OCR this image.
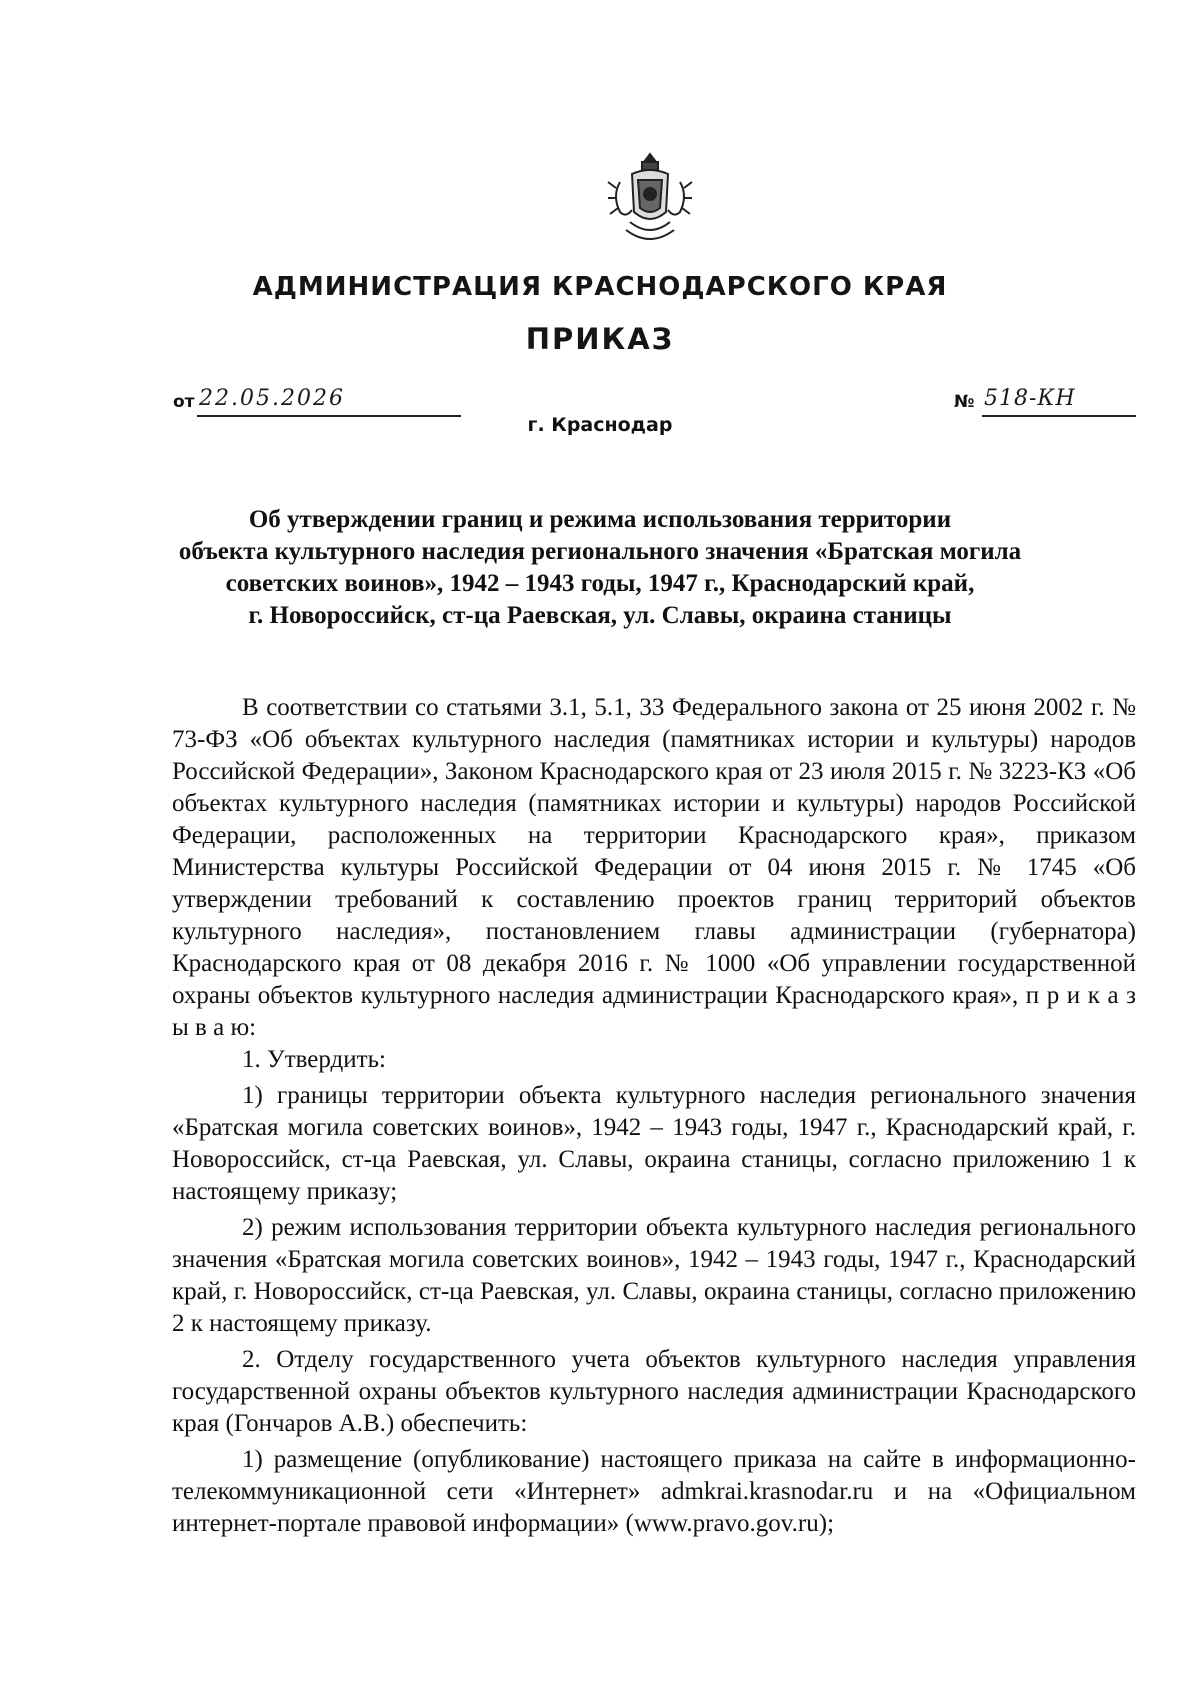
АДМИНИСТРАЦИЯ КРАСНОДАРСКОГО КРАЯ
ПРИКАЗ
от 22.05.2026	№ 518-КН
г. Краснодар
Об утверждении границ и режима использования территории
объекта культурного наследия регионального значения «Братская могила
советских воинов», 1942 – 1943 годы, 1947 г., Краснодарский край,
г. Новороссийск, ст-ца Раевская, ул. Славы, окраина станицы

В соответствии со статьями 3.1, 5.1, 33 Федерального закона от 25 июня 2002 г. № 73-ФЗ «Об объектах культурного наследия (памятниках истории и культуры) народов Российской Федерации», Законом Краснодарского края от 23 июля 2015 г. № 3223-КЗ «Об объектах культурного наследия (памятниках истории и культуры) народов Российской Федерации, расположенных на территории Краснодарского края», приказом Министерства культуры Российской Федерации от 04 июня 2015 г. № 1745 «Об утверждении требований к составлению проектов границ территорий объектов культурного наследия», постановлением главы администрации (губернатора) Краснодарского края от 08 декабря 2016 г. № 1000 «Об управлении государственной охраны объектов культурного наследия администрации Краснодарского края», п р и к а з ы в а ю:

1. Утвердить:

1) границы территории объекта культурного наследия регионального значения «Братская могила советских воинов», 1942 – 1943 годы, 1947 г., Краснодарский край, г. Новороссийск, ст-ца Раевская, ул. Славы, окраина станицы, согласно приложению 1 к настоящему приказу;

2) режим использования территории объекта культурного наследия регионального значения «Братская могила советских воинов», 1942 – 1943 годы, 1947 г., Краснодарский край, г. Новороссийск, ст-ца Раевская, ул. Славы, окраина станицы, согласно приложению 2 к настоящему приказу.

2. Отделу государственного учета объектов культурного наследия управления государственной охраны объектов культурного наследия администрации Краснодарского края (Гончаров А.В.) обеспечить:

1) размещение (опубликование) настоящего приказа на сайте в информационно-телекоммуникационной сети «Интернет» admkrai.krasnodar.ru и на «Официальном интернет-портале правовой информации» (www.pravo.gov.ru);
